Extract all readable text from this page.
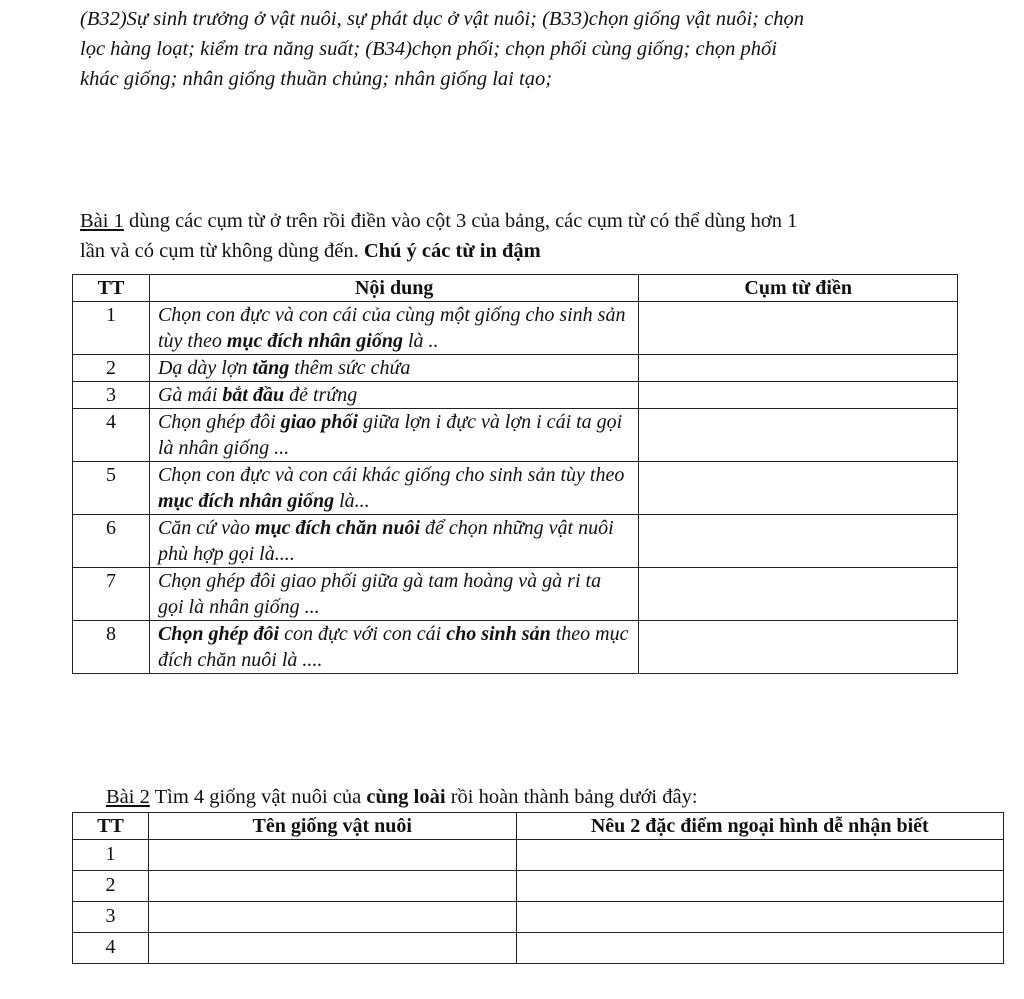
(B32)Sự sinh trưởng ở vật nuôi, sự phát dục ở vật nuôi; (B33)chọn giống vật nuôi; chọn

lọc hàng loạt; kiểm tra năng suất; (B34)chọn phối; chọn phối cùng giống; chọn phối

khác giống; nhân giống thuần chủng; nhân giống lai tạo;

Bài 1 dùng các cụm từ ở trên rồi điền vào cột 3 của bảng, các cụm từ có thể dùng hơn 1

lần và có cụm từ không dùng đến. Chú ý các từ in đậm

TT	Nội dung	Cụm từ điền
1	Chọn con đực và con cái của cùng một giống cho sinh sản tùy theo mục đích nhân giống là ..	
2	Dạ dày lợn tăng thêm sức chứa	
3	Gà mái bắt đầu đẻ trứng	
4	Chọn ghép đôi giao phối giữa lợn i đực và lợn i cái ta gọi là nhân giống ...	
5	Chọn con đực và con cái khác giống cho sinh sản tùy theo mục đích nhân giống là...	
6	Căn cứ vào mục đích chăn nuôi để chọn những vật nuôi phù hợp gọi là....	
7	Chọn ghép đôi giao phối giữa gà tam hoàng và gà ri ta gọi là nhân giống ...	
8	Chọn ghép đôi con đực với con cái cho sinh sản theo mục đích chăn nuôi là ....	
Bài 2 Tìm 4 giống vật nuôi của cùng loài rồi hoàn thành bảng dưới đây:
TT	Tên giống vật nuôi	Nêu 2 đặc điểm ngoại hình dễ nhận biết
1		
2		
3		
4		
